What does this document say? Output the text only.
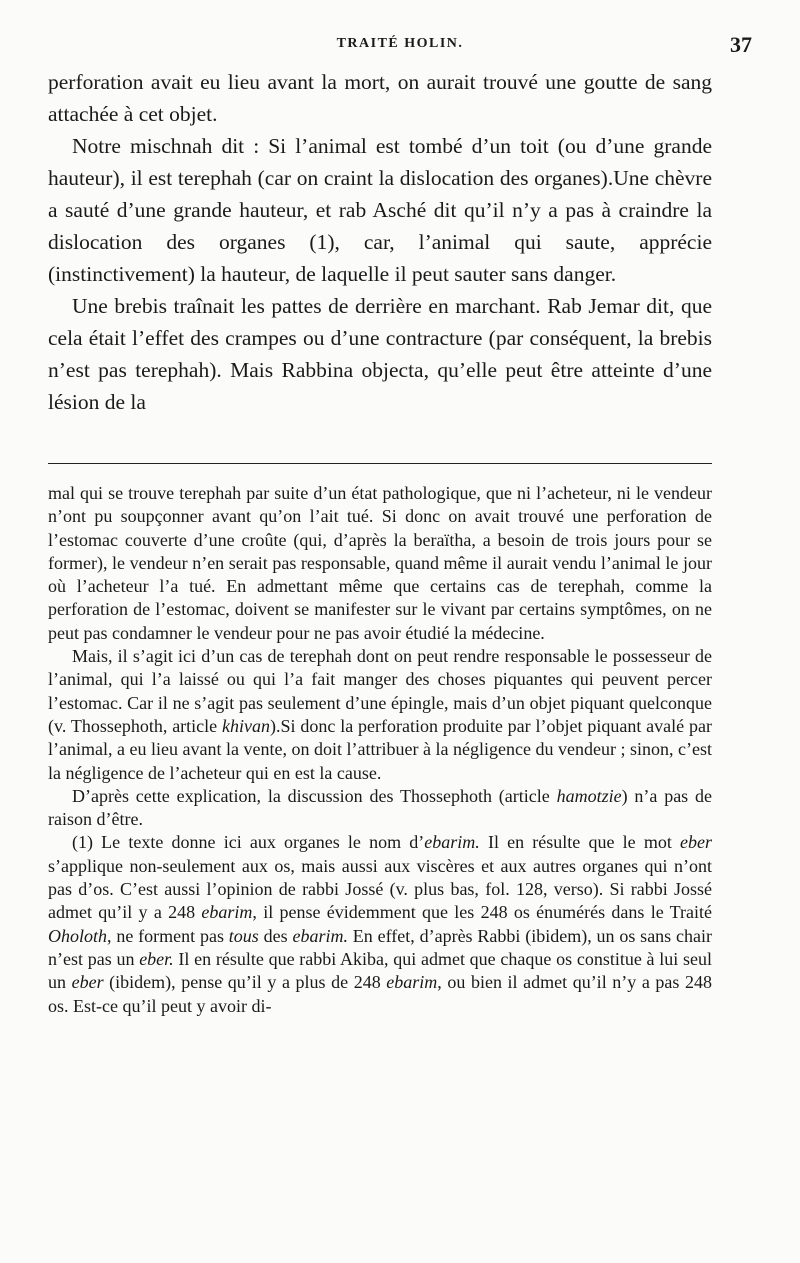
TRAITÉ HOLIN.	37

perforation avait eu lieu avant la mort, on aurait trouvé une goutte de sang attachée à cet objet.

Notre mischnah dit : Si l’animal est tombé d’un toit (ou d’une grande hauteur), il est terephah (car on craint la dislocation des organes).Une chèvre a sauté d’une grande hauteur, et rab Asché dit qu’il n’y a pas à craindre la dislocation des organes (1), car, l’animal qui saute, apprécie (instinctivement) la hauteur, de laquelle il peut sauter sans danger.

Une brebis traînait les pattes de derrière en marchant. Rab Jemar dit, que cela était l’effet des crampes ou d’une contracture (par conséquent, la brebis n’est pas terephah). Mais Rabbina objecta, qu’elle peut être atteinte d’une lésion de la

mal qui se trouve terephah par suite d’un état pathologique, que ni l’acheteur, ni le vendeur n’ont pu soupçonner avant qu’on l’ait tué. Si donc on avait trouvé une perforation de l’estomac couverte d’une croûte (qui, d’après la beraïtha, a besoin de trois jours pour se former), le vendeur n’en serait pas responsable, quand même il aurait vendu l’animal le jour où l’acheteur l’a tué. En admettant même que certains cas de terephah, comme la perforation de l’estomac, doivent se manifester sur le vivant par certains symptômes, on ne peut pas condamner le vendeur pour ne pas avoir étudié la médecine.

Mais, il s’agit ici d’un cas de terephah dont on peut rendre responsable le possesseur de l’animal, qui l’a laissé ou qui l’a fait manger des choses piquantes qui peuvent percer l’estomac. Car il ne s’agit pas seulement d’une épingle, mais d’un objet piquant quelconque (v. Thossephoth, article khivan).Si donc la perforation produite par l’objet piquant avalé par l’animal, a eu lieu avant la vente, on doit l’attribuer à la négligence du vendeur ; sinon, c’est la négligence de l’acheteur qui en est la cause.

D’après cette explication, la discussion des Thossephoth (article hamotzie) n’a pas de raison d’être.

(1) Le texte donne ici aux organes le nom d’ebarim. Il en résulte que le mot eber s’applique non-seulement aux os, mais aussi aux viscères et aux autres organes qui n’ont pas d’os. C’est aussi l’opinion de rabbi Jossé (v. plus bas, fol. 128, verso). Si rabbi Jossé admet qu’il y a 248 ebarim, il pense évidemment que les 248 os énumérés dans le Traité Oholoth, ne forment pas tous des ebarim. En effet, d’après Rabbi (ibidem), un os sans chair n’est pas un eber. Il en résulte que rabbi Akiba, qui admet que chaque os constitue à lui seul un eber (ibidem), pense qu’il y a plus de 248 ebarim, ou bien il admet qu’il n’y a pas 248 os. Est-ce qu’il peut y avoir di-
